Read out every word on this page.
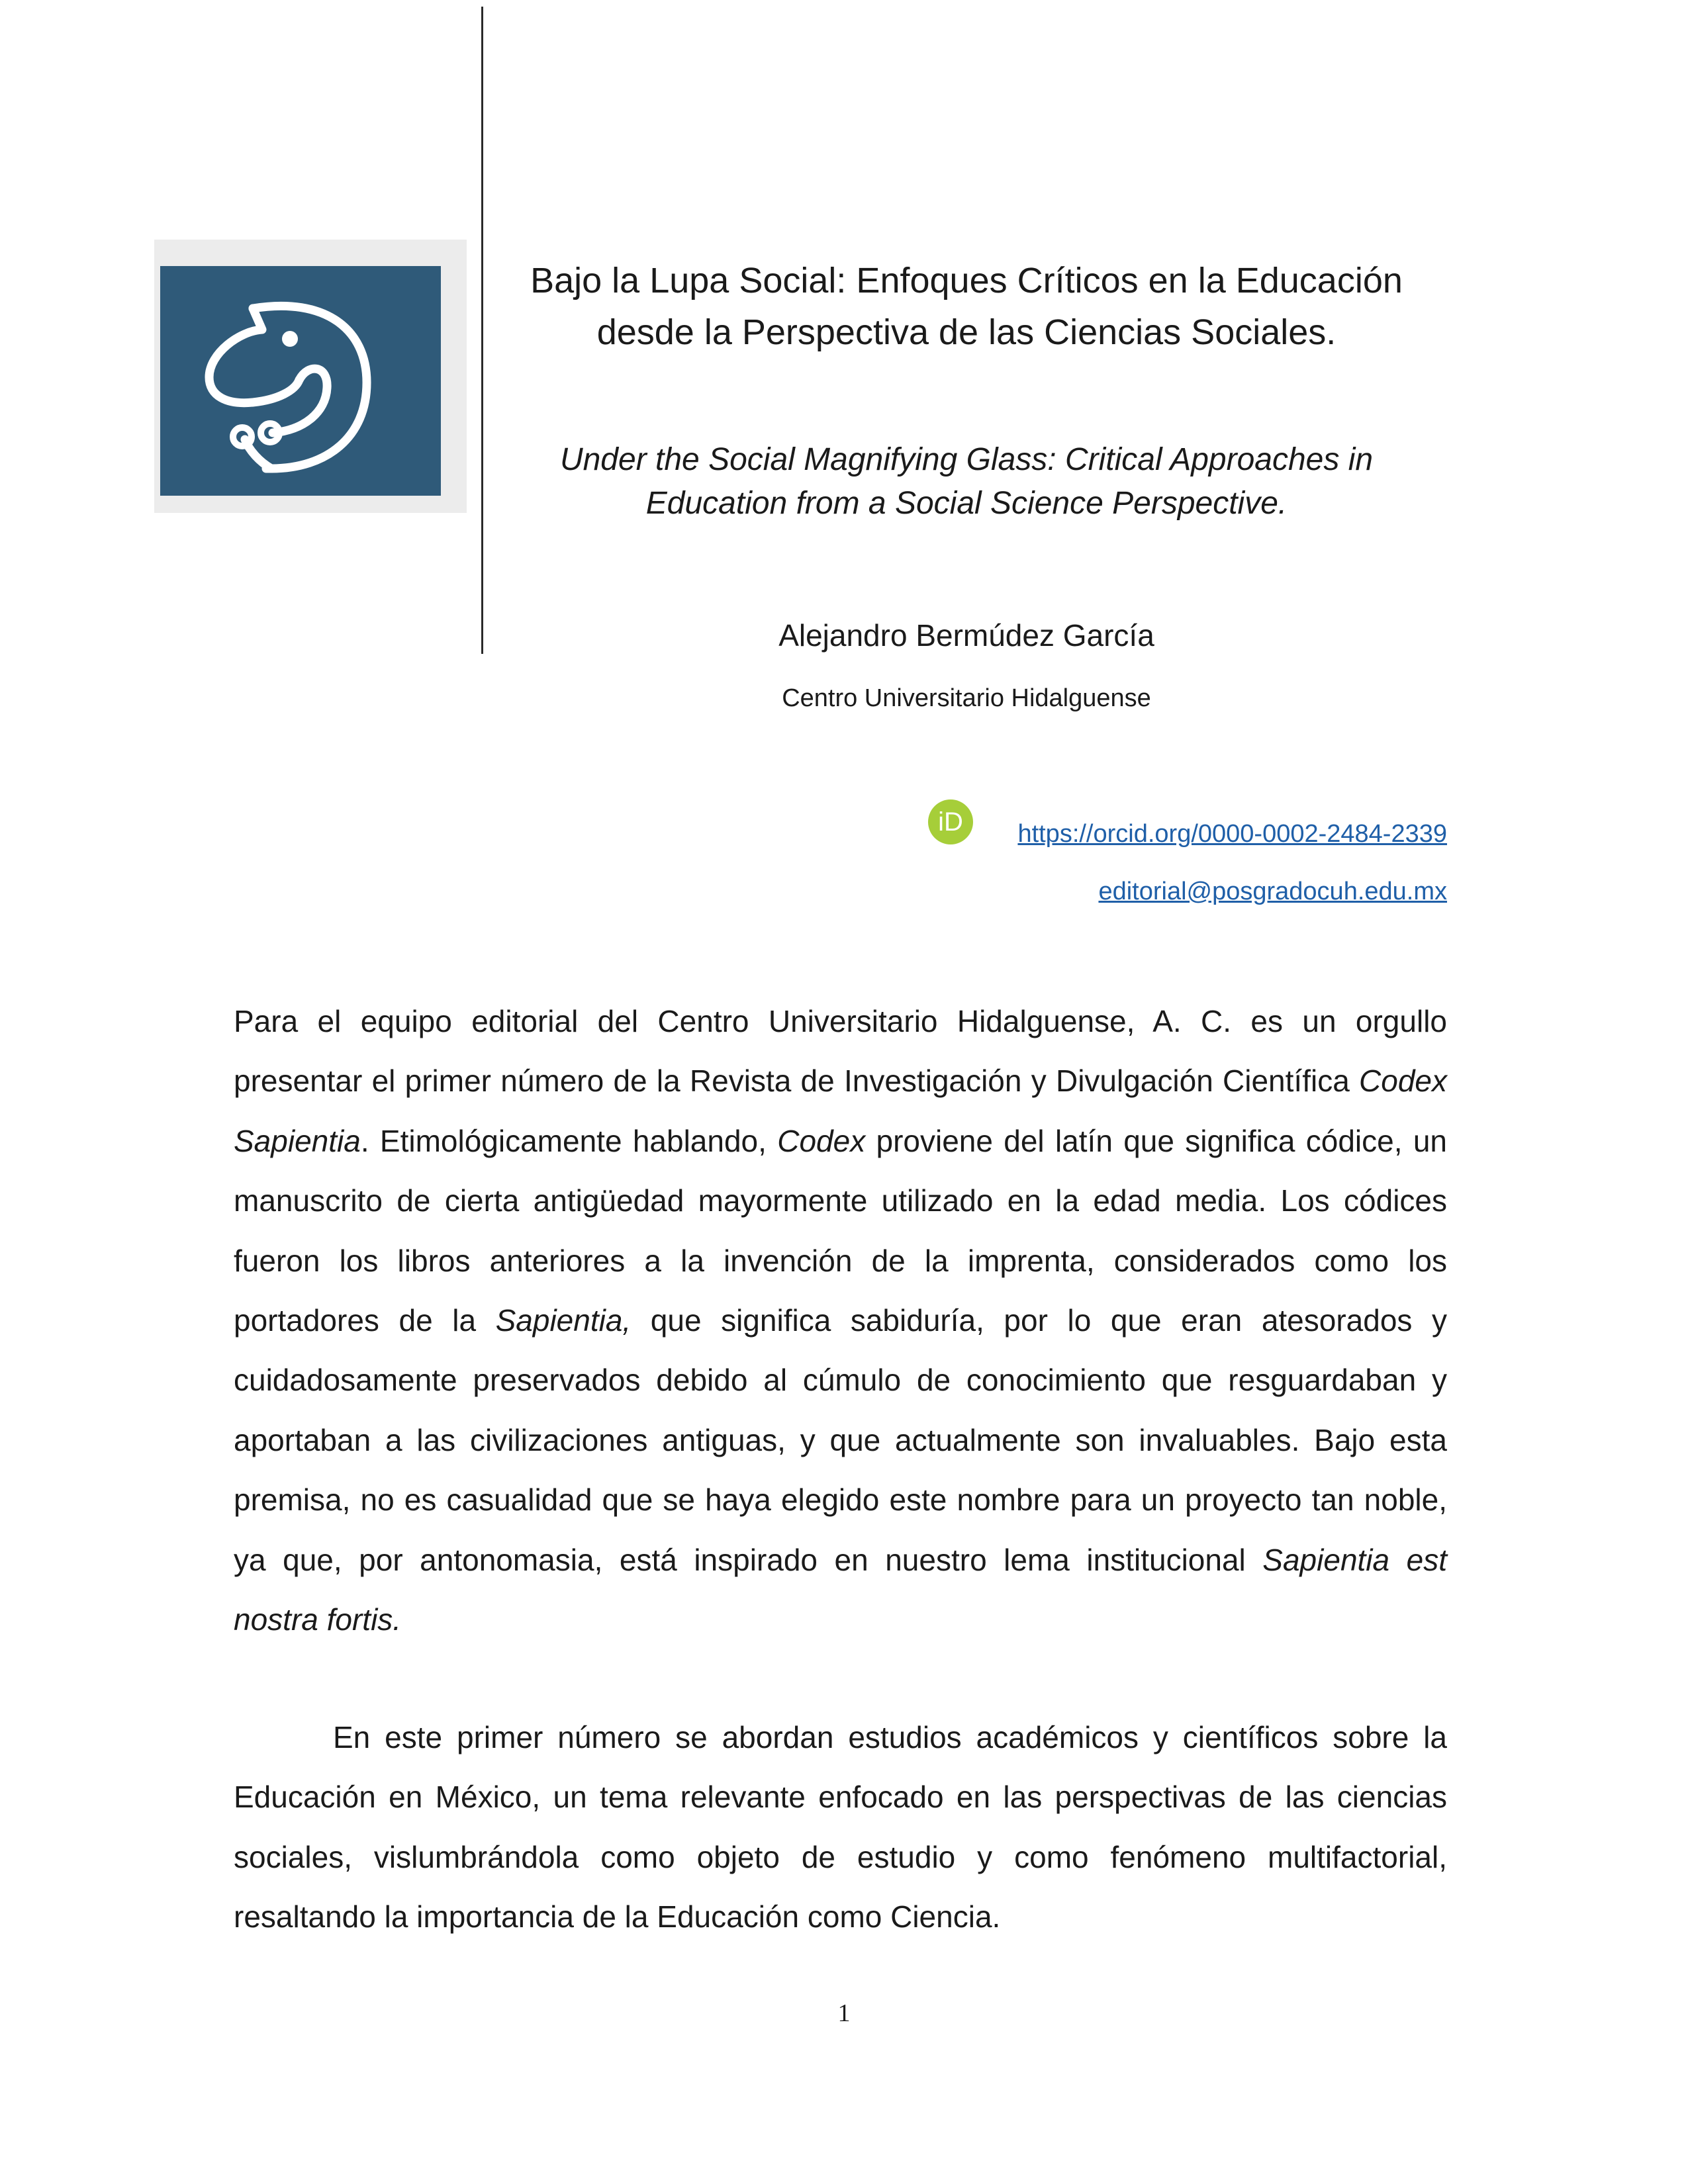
Bajo la Lupa Social: Enfoques Críticos en la Educación
desde la Perspectiva de las Ciencias Sociales.

Under the Social Magnifying Glass: Critical Approaches in
Education from a Social Science Perspective.

Alejandro Bermúdez García

Centro Universitario Hidalguense

iD	https://orcid.org/0000-0002-2484-2339
editorial@posgradocuh.edu.mx

Para el equipo editorial del Centro Universitario Hidalguense, A. C. es un orgullo presentar el primer número de la Revista de Investigación y Divulgación Científica Codex Sapientia. Etimológicamente hablando, Codex proviene del latín que significa códice, un manuscrito de cierta antigüedad mayormente utilizado en la edad media. Los códices fueron los libros anteriores a la invención de la imprenta, considerados como los portadores de la Sapientia, que significa sabiduría, por lo que eran atesorados y cuidadosamente preservados debido al cúmulo de conocimiento que resguardaban y aportaban a las civilizaciones antiguas, y que actualmente son invaluables. Bajo esta premisa, no es casualidad que se haya elegido este nombre para un proyecto tan noble, ya que, por antonomasia, está inspirado en nuestro lema institucional Sapientia est nostra fortis.

En este primer número se abordan estudios académicos y científicos sobre la Educación en México, un tema relevante enfocado en las perspectivas de las ciencias sociales, vislumbrándola como objeto de estudio y como fenómeno multifactorial, resaltando la importancia de la Educación como Ciencia.

1
